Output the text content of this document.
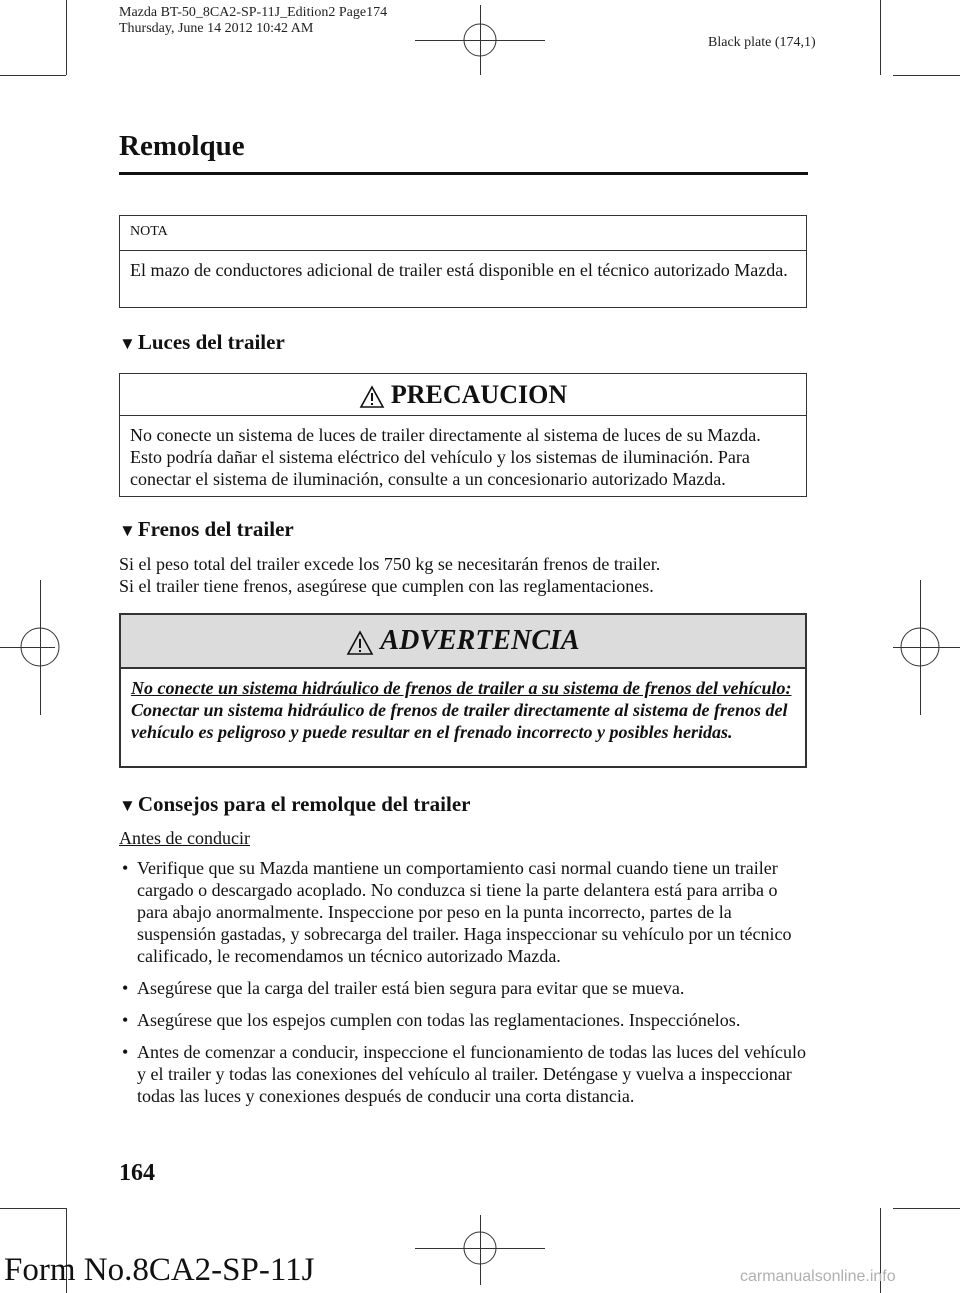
Mazda BT-50_8CA2-SP-11J_Edition2 Page174
Thursday, June 14 2012 10:42 AM
Black plate (174,1)
Remolque
NOTA
El mazo de conductores adicional de trailer está disponible en el técnico autorizado Mazda.
▼Luces del trailer
PRECAUCION
No conecte un sistema de luces de trailer directamente al sistema de luces de su Mazda. Esto podría dañar el sistema eléctrico del vehículo y los sistemas de iluminación. Para conectar el sistema de iluminación, consulte a un concesionario autorizado Mazda.
▼Frenos del trailer
Si el peso total del trailer excede los 750 kg se necesitarán frenos de trailer.
Si el trailer tiene frenos, asegúrese que cumplen con las reglamentaciones.
ADVERTENCIA
No conecte un sistema hidráulico de frenos de trailer a su sistema de frenos del vehículo:
Conectar un sistema hidráulico de frenos de trailer directamente al sistema de frenos del vehículo es peligroso y puede resultar en el frenado incorrecto y posibles heridas.
▼Consejos para el remolque del trailer
Antes de conducir
• Verifique que su Mazda mantiene un comportamiento casi normal cuando tiene un trailer cargado o descargado acoplado. No conduzca si tiene la parte delantera está para arriba o para abajo anormalmente. Inspeccione por peso en la punta incorrecto, partes de la suspensión gastadas, y sobrecarga del trailer. Haga inspeccionar su vehículo por un técnico calificado, le recomendamos un técnico autorizado Mazda.
• Asegúrese que la carga del trailer está bien segura para evitar que se mueva.
• Asegúrese que los espejos cumplen con todas las reglamentaciones. Inspecciónelos.
• Antes de comenzar a conducir, inspeccione el funcionamiento de todas las luces del vehículo y el trailer y todas las conexiones del vehículo al trailer. Deténgase y vuelva a inspeccionar todas las luces y conexiones después de conducir una corta distancia.
164
Form No.8CA2-SP-11J	carmanualsonline.info
